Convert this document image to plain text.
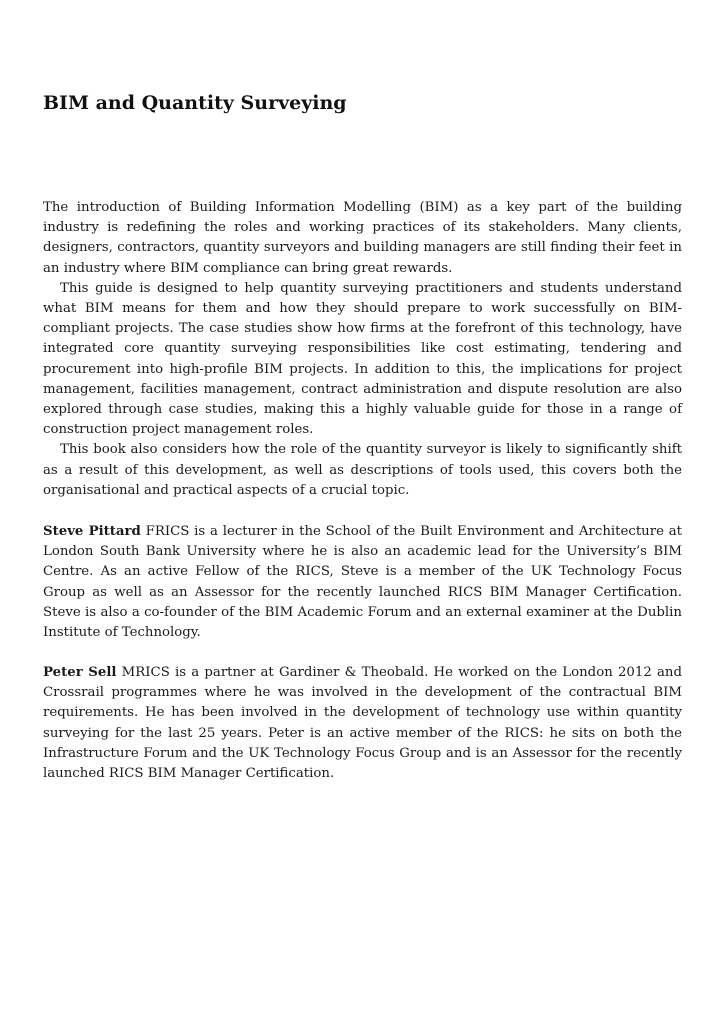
BIM and Quantity Surveying

The introduction of Building Information Modelling (BIM) as a key part of the building industry is redefining the roles and working practices of its stakeholders. Many clients, designers, contractors, quantity surveyors and building managers are still finding their feet in an industry where BIM compliance can bring great rewards.

This guide is designed to help quantity surveying practitioners and students understand what BIM means for them and how they should prepare to work successfully on BIM-compliant projects. The case studies show how firms at the forefront of this technology, have integrated core quantity surveying responsibilities like cost estimating, tendering and procurement into high-profile BIM projects. In addition to this, the implications for project management, facilities management, contract administration and dispute resolution are also explored through case studies, making this a highly valuable guide for those in a range of construction project management roles.

This book also considers how the role of the quantity surveyor is likely to significantly shift as a result of this development, as well as descriptions of tools used, this covers both the organisational and practical aspects of a crucial topic.

Steve Pittard FRICS is a lecturer in the School of the Built Environment and Architecture at London South Bank University where he is also an academic lead for the University’s BIM Centre. As an active Fellow of the RICS, Steve is a member of the UK Technology Focus Group as well as an Assessor for the recently launched RICS BIM Manager Certification. Steve is also a co-founder of the BIM Academic Forum and an external examiner at the Dublin Institute of Technology.

Peter Sell MRICS is a partner at Gardiner & Theobald. He worked on the London 2012 and Crossrail programmes where he was involved in the development of the contractual BIM requirements. He has been involved in the development of technology use within quantity surveying for the last 25 years. Peter is an active member of the RICS: he sits on both the Infrastructure Forum and the UK Technology Focus Group and is an Assessor for the recently launched RICS BIM Manager Certification.
